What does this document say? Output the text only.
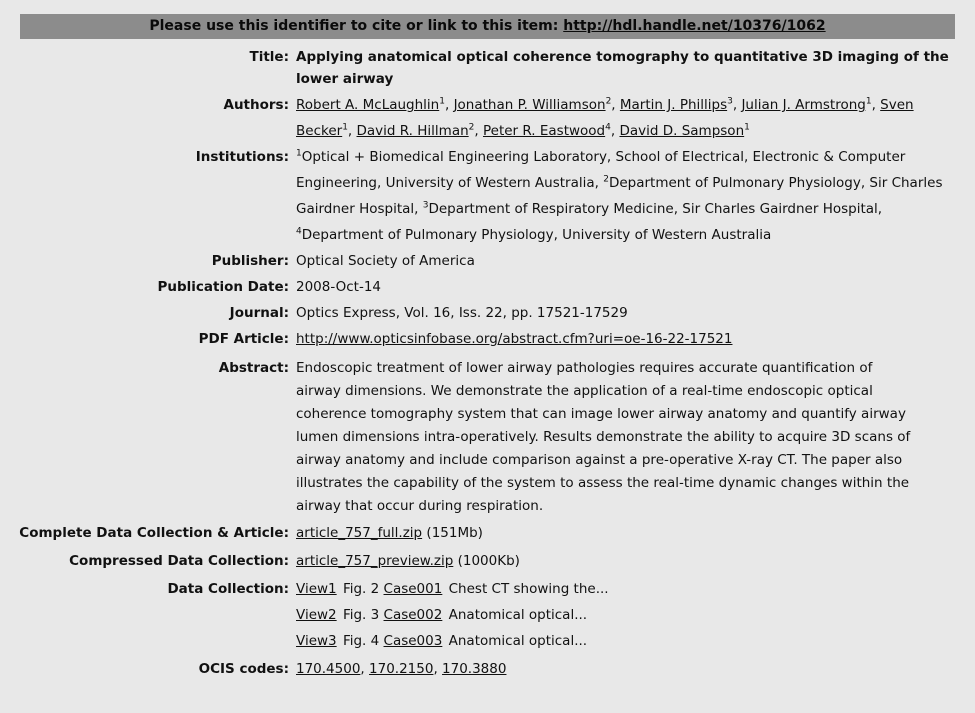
Please use this identifier to cite or link to this item: http://hdl.handle.net/10376/1062
Title: Applying anatomical optical coherence tomography to quantitative 3D imaging of the lower airway
Authors: Robert A. McLaughlin$^1$, Jonathan P. Williamson$^2$, Martin J. Phillips$^3$, Julian J. Armstrong$^1$, Sven Becker$^1$, David R. Hillman$^2$, Peter R. Eastwood$^4$, David D. Sampson$^1$
Institutions: $^1$Optical + Biomedical Engineering Laboratory, School of Electrical, Electronic & Computer Engineering, University of Western Australia, $^2$Department of Pulmonary Physiology, Sir Charles Gairdner Hospital, $^3$Department of Respiratory Medicine, Sir Charles Gairdner Hospital, $^4$Department of Pulmonary Physiology, University of Western Australia
Publisher: Optical Society of America
Publication Date: 2008-Oct-14
Journal: Optics Express, Vol. 16, Iss. 22, pp. 17521-17529
PDF Article: http://www.opticsinfobase.org/abstract.cfm?uri=oe-16-22-17521
Abstract: Endoscopic treatment of lower airway pathologies requires accurate quantification of
airway dimensions. We demonstrate the application of a real-time endoscopic optical
coherence tomography system that can image lower airway anatomy and quantify airway
lumen dimensions intra-operatively. Results demonstrate the ability to acquire 3D scans of
airway anatomy and include comparison against a pre-operative X-ray CT. The paper also
illustrates the capability of the system to assess the real-time dynamic changes within the
airway that occur during respiration.
Complete Data Collection & Article: article_757_full.zip (151Mb)
Compressed Data Collection: article_757_preview.zip (1000Kb)
Data Collection: View1 Fig. 2 Case001 Chest CT showing the...
View2 Fig. 3 Case002 Anatomical optical...
View3 Fig. 4 Case003 Anatomical optical...
OCIS codes: 170.4500, 170.2150, 170.3880
